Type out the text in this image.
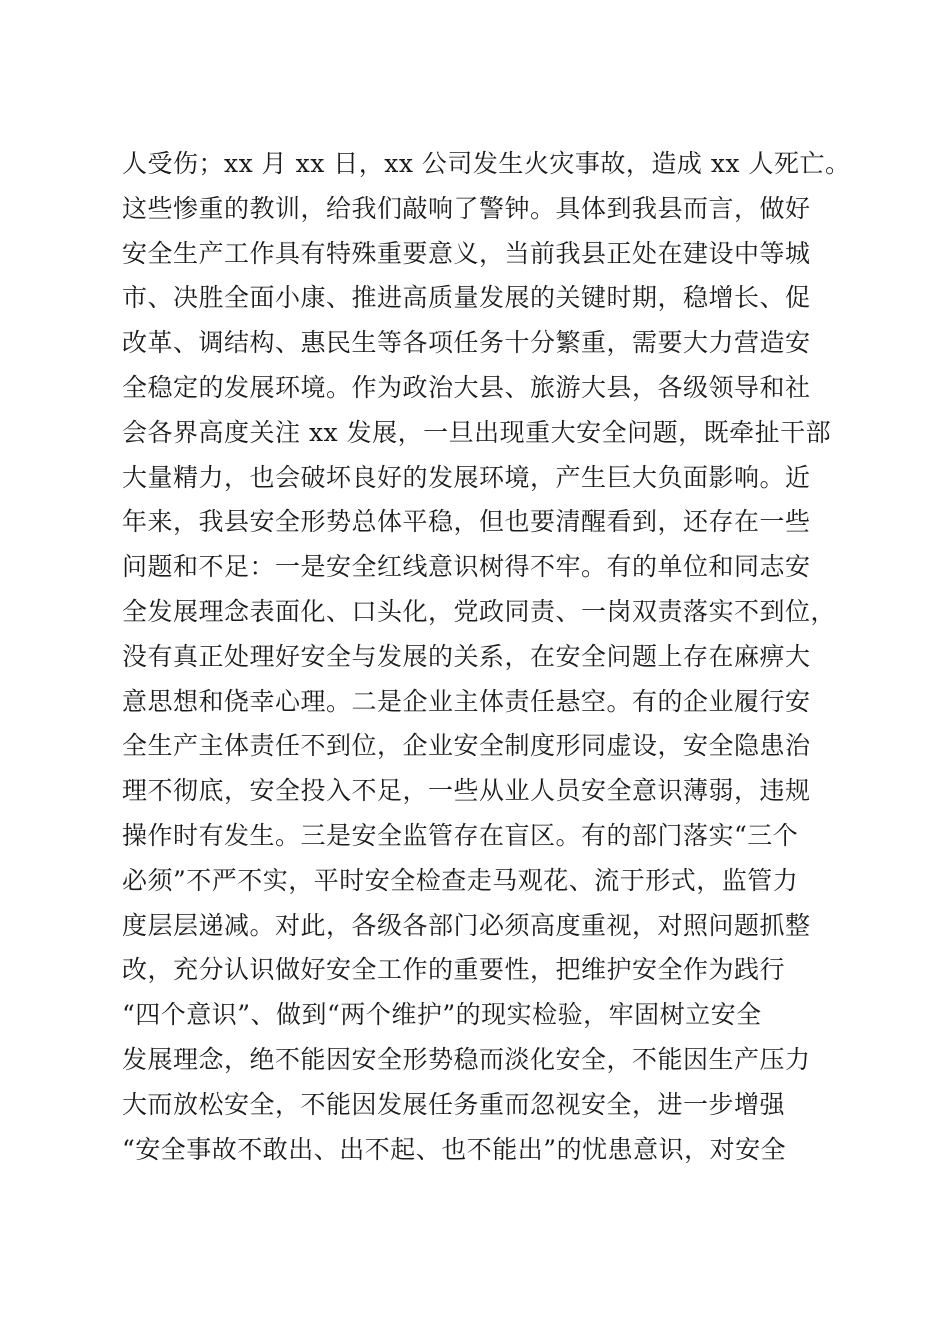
人受伤；xx 月 xx 日，xx 公司发生火灾事故，造成 xx 人死亡。
这些惨重的教训，给我们敲响了警钟。具体到我县而言，做好
安全生产工作具有特殊重要意义，当前我县正处在建设中等城
市、决胜全面小康、推进高质量发展的关键时期，稳增长、促
改革、调结构、惠民生等各项任务十分繁重，需要大力营造安
全稳定的发展环境。作为政治大县、旅游大县，各级领导和社
会各界高度关注 xx 发展，一旦出现重大安全问题，既牵扯干部
大量精力，也会破坏良好的发展环境，产生巨大负面影响。近
年来，我县安全形势总体平稳，但也要清醒看到，还存在一些
问题和不足：一是安全红线意识树得不牢。有的单位和同志安
全发展理念表面化、口头化，党政同责、一岗双责落实不到位，
没有真正处理好安全与发展的关系，在安全问题上存在麻痹大
意思想和侥幸心理。二是企业主体责任悬空。有的企业履行安
全生产主体责任不到位，企业安全制度形同虚设，安全隐患治
理不彻底，安全投入不足，一些从业人员安全意识薄弱，违规
操作时有发生。三是安全监管存在盲区。有的部门落实“三个
必须”不严不实，平时安全检查走马观花、流于形式，监管力
度层层递减。对此，各级各部门必须高度重视，对照问题抓整
改，充分认识做好安全工作的重要性，把维护安全作为践行
“四个意识”、做到“两个维护”的现实检验，牢固树立安全
发展理念，绝不能因安全形势稳而淡化安全，不能因生产压力
大而放松安全，不能因发展任务重而忽视安全，进一步增强
“安全事故不敢出、出不起、也不能出”的忧患意识，对安全
